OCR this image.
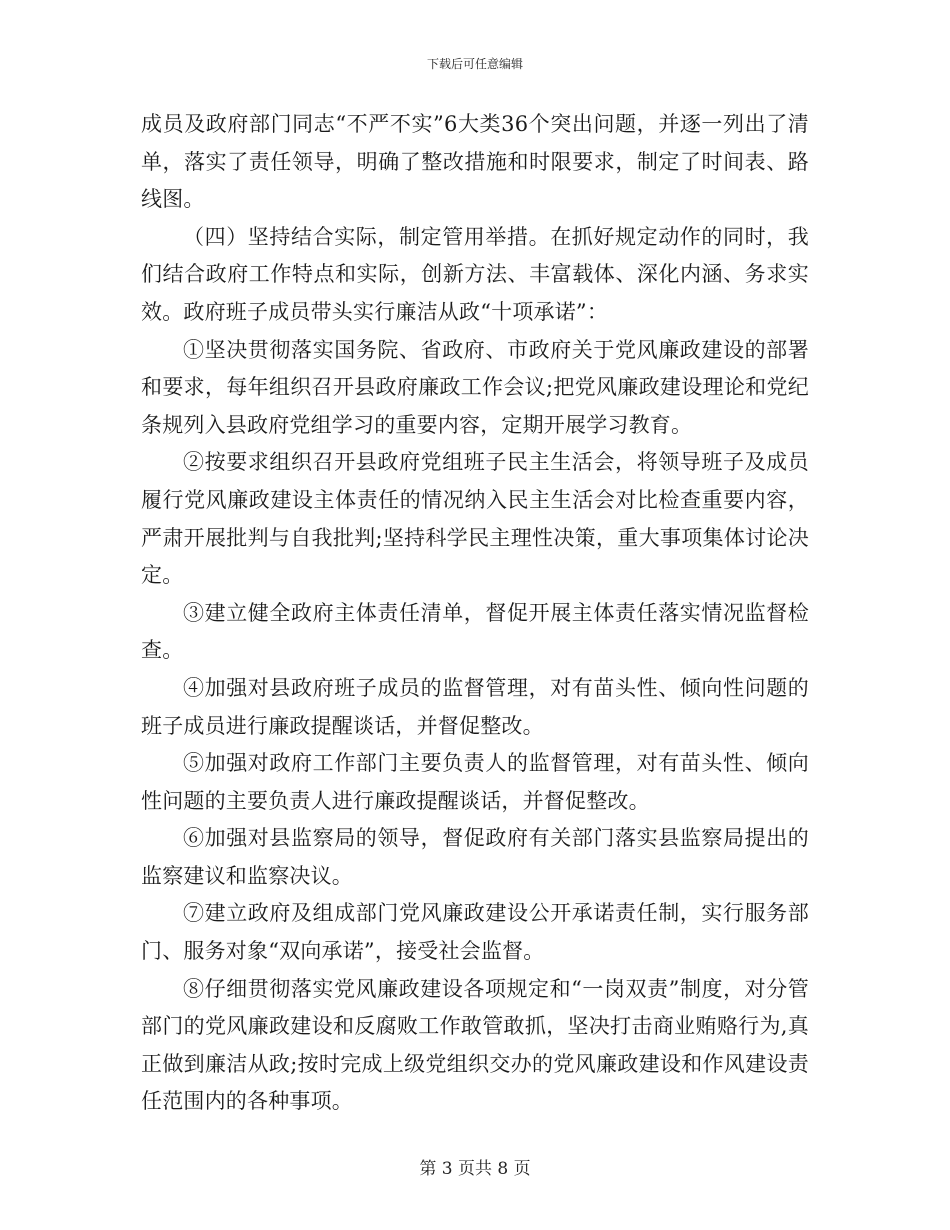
下载后可任意编辑

成员及政府部门同志“不严不实”6大类36个突出问题，并逐一列出了清单，落实了责任领导，明确了整改措施和时限要求，制定了时间表、路线图。

（四）坚持结合实际，制定管用举措。在抓好规定动作的同时，我们结合政府工作特点和实际，创新方法、丰富载体、深化内涵、务求实效。政府班子成员带头实行廉洁从政“十项承诺”：

①坚决贯彻落实国务院、省政府、市政府关于党风廉政建设的部署和要求，每年组织召开县政府廉政工作会议;把党风廉政建设理论和党纪条规列入县政府党组学习的重要内容，定期开展学习教育。

②按要求组织召开县政府党组班子民主生活会，将领导班子及成员履行党风廉政建设主体责任的情况纳入民主生活会对比检查重要内容，严肃开展批判与自我批判;坚持科学民主理性决策，重大事项集体讨论决定。

③建立健全政府主体责任清单，督促开展主体责任落实情况监督检查。

④加强对县政府班子成员的监督管理，对有苗头性、倾向性问题的班子成员进行廉政提醒谈话，并督促整改。

⑤加强对政府工作部门主要负责人的监督管理，对有苗头性、倾向性问题的主要负责人进行廉政提醒谈话，并督促整改。

⑥加强对县监察局的领导，督促政府有关部门落实县监察局提出的监察建议和监察决议。

⑦建立政府及组成部门党风廉政建设公开承诺责任制，实行服务部门、服务对象“双向承诺”，接受社会监督。

⑧仔细贯彻落实党风廉政建设各项规定和“一岗双责”制度，对分管部门的党风廉政建设和反腐败工作敢管敢抓，坚决打击商业贿赂行为,真正做到廉洁从政;按时完成上级党组织交办的党风廉政建设和作风建设责任范围内的各种事项。

第 3 页共 8 页
